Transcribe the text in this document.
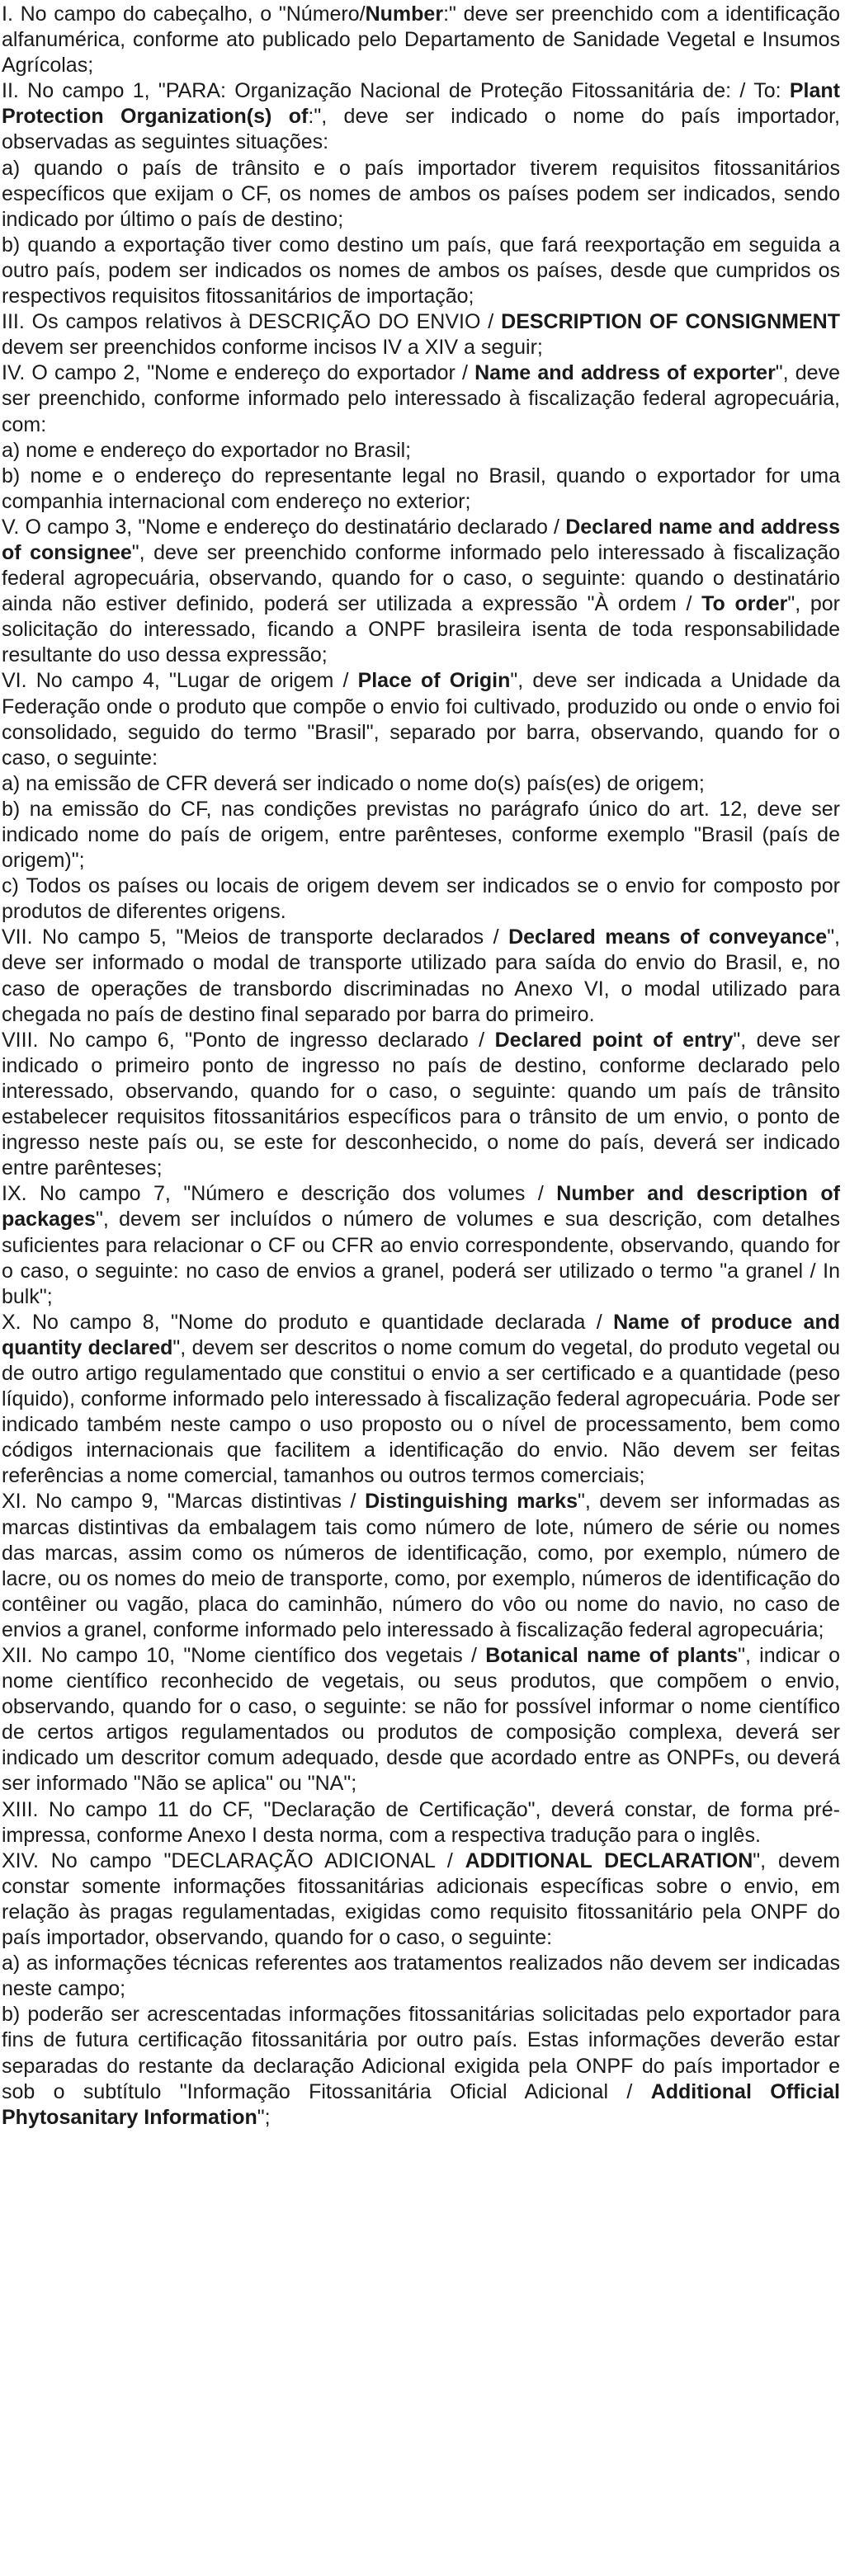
I. No campo do cabeçalho, o "Número/Number:" deve ser preenchido com a identificação alfanumérica, conforme ato publicado pelo Departamento de Sanidade Vegetal e Insumos Agrícolas;

II. No campo 1, "PARA: Organização Nacional de Proteção Fitossanitária de: / To: Plant Protection Organization(s) of:", deve ser indicado o nome do país importador, observadas as seguintes situações:

a) quando o país de trânsito e o país importador tiverem requisitos fitossanitários específicos que exijam o CF, os nomes de ambos os países podem ser indicados, sendo indicado por último o país de destino;

b) quando a exportação tiver como destino um país, que fará reexportação em seguida a outro país, podem ser indicados os nomes de ambos os países, desde que cumpridos os respectivos requisitos fitossanitários de importação;

III. Os campos relativos à DESCRIÇÃO DO ENVIO / DESCRIPTION OF CONSIGNMENT devem ser preenchidos conforme incisos IV a XIV a seguir;

IV. O campo 2, "Nome e endereço do exportador / Name and address of exporter", deve ser preenchido, conforme informado pelo interessado à fiscalização federal agropecuária, com:

a) nome e endereço do exportador no Brasil;

b) nome e o endereço do representante legal no Brasil, quando o exportador for uma companhia internacional com endereço no exterior;

V. O campo 3, "Nome e endereço do destinatário declarado / Declared name and address of consignee", deve ser preenchido conforme informado pelo interessado à fiscalização federal agropecuária, observando, quando for o caso, o seguinte: quando o destinatário ainda não estiver definido, poderá ser utilizada a expressão "À ordem / To order", por solicitação do interessado, ficando a ONPF brasileira isenta de toda responsabilidade resultante do uso dessa expressão;

VI. No campo 4, "Lugar de origem / Place of Origin", deve ser indicada a Unidade da Federação onde o produto que compõe o envio foi cultivado, produzido ou onde o envio foi consolidado, seguido do termo "Brasil", separado por barra, observando, quando for o caso, o seguinte:

a) na emissão de CFR deverá ser indicado o nome do(s) país(es) de origem;

b) na emissão do CF, nas condições previstas no parágrafo único do art. 12, deve ser indicado nome do país de origem, entre parênteses, conforme exemplo "Brasil (país de origem)";

c) Todos os países ou locais de origem devem ser indicados se o envio for composto por produtos de diferentes origens.

VII. No campo 5, "Meios de transporte declarados / Declared means of conveyance", deve ser informado o modal de transporte utilizado para saída do envio do Brasil, e, no caso de operações de transbordo discriminadas no Anexo VI, o modal utilizado para chegada no país de destino final separado por barra do primeiro.

VIII. No campo 6, "Ponto de ingresso declarado / Declared point of entry", deve ser indicado o primeiro ponto de ingresso no país de destino, conforme declarado pelo interessado, observando, quando for o caso, o seguinte: quando um país de trânsito estabelecer requisitos fitossanitários específicos para o trânsito de um envio, o ponto de ingresso neste país ou, se este for desconhecido, o nome do país, deverá ser indicado entre parênteses;

IX. No campo 7, "Número e descrição dos volumes / Number and description of packages", devem ser incluídos o número de volumes e sua descrição, com detalhes suficientes para relacionar o CF ou CFR ao envio correspondente, observando, quando for o caso, o seguinte: no caso de envios a granel, poderá ser utilizado o termo "a granel / In bulk";

X. No campo 8, "Nome do produto e quantidade declarada / Name of produce and quantity declared", devem ser descritos o nome comum do vegetal, do produto vegetal ou de outro artigo regulamentado que constitui o envio a ser certificado e a quantidade (peso líquido), conforme informado pelo interessado à fiscalização federal agropecuária. Pode ser indicado também neste campo o uso proposto ou o nível de processamento, bem como códigos internacionais que facilitem a identificação do envio. Não devem ser feitas referências a nome comercial, tamanhos ou outros termos comerciais;

XI. No campo 9, "Marcas distintivas / Distinguishing marks", devem ser informadas as marcas distintivas da embalagem tais como número de lote, número de série ou nomes das marcas, assim como os números de identificação, como, por exemplo, número de lacre, ou os nomes do meio de transporte, como, por exemplo, números de identificação do contêiner ou vagão, placa do caminhão, número do vôo ou nome do navio, no caso de envios a granel, conforme informado pelo interessado à fiscalização federal agropecuária;

XII. No campo 10, "Nome científico dos vegetais / Botanical name of plants", indicar o nome científico reconhecido de vegetais, ou seus produtos, que compõem o envio, observando, quando for o caso, o seguinte: se não for possível informar o nome científico de certos artigos regulamentados ou produtos de composição complexa, deverá ser indicado um descritor comum adequado, desde que acordado entre as ONPFs, ou deverá ser informado "Não se aplica" ou "NA";

XIII. No campo 11 do CF, "Declaração de Certificação", deverá constar, de forma pré-impressa, conforme Anexo I desta norma, com a respectiva tradução para o inglês.

XIV. No campo "DECLARAÇÃO ADICIONAL / ADDITIONAL DECLARATION", devem constar somente informações fitossanitárias adicionais específicas sobre o envio, em relação às pragas regulamentadas, exigidas como requisito fitossanitário pela ONPF do país importador, observando, quando for o caso, o seguinte:

a) as informações técnicas referentes aos tratamentos realizados não devem ser indicadas neste campo;

b) poderão ser acrescentadas informações fitossanitárias solicitadas pelo exportador para fins de futura certificação fitossanitária por outro país. Estas informações deverão estar separadas do restante da declaração Adicional exigida pela ONPF do país importador e sob o subtítulo "Informação Fitossanitária Oficial Adicional / Additional Official Phytosanitary Information";
